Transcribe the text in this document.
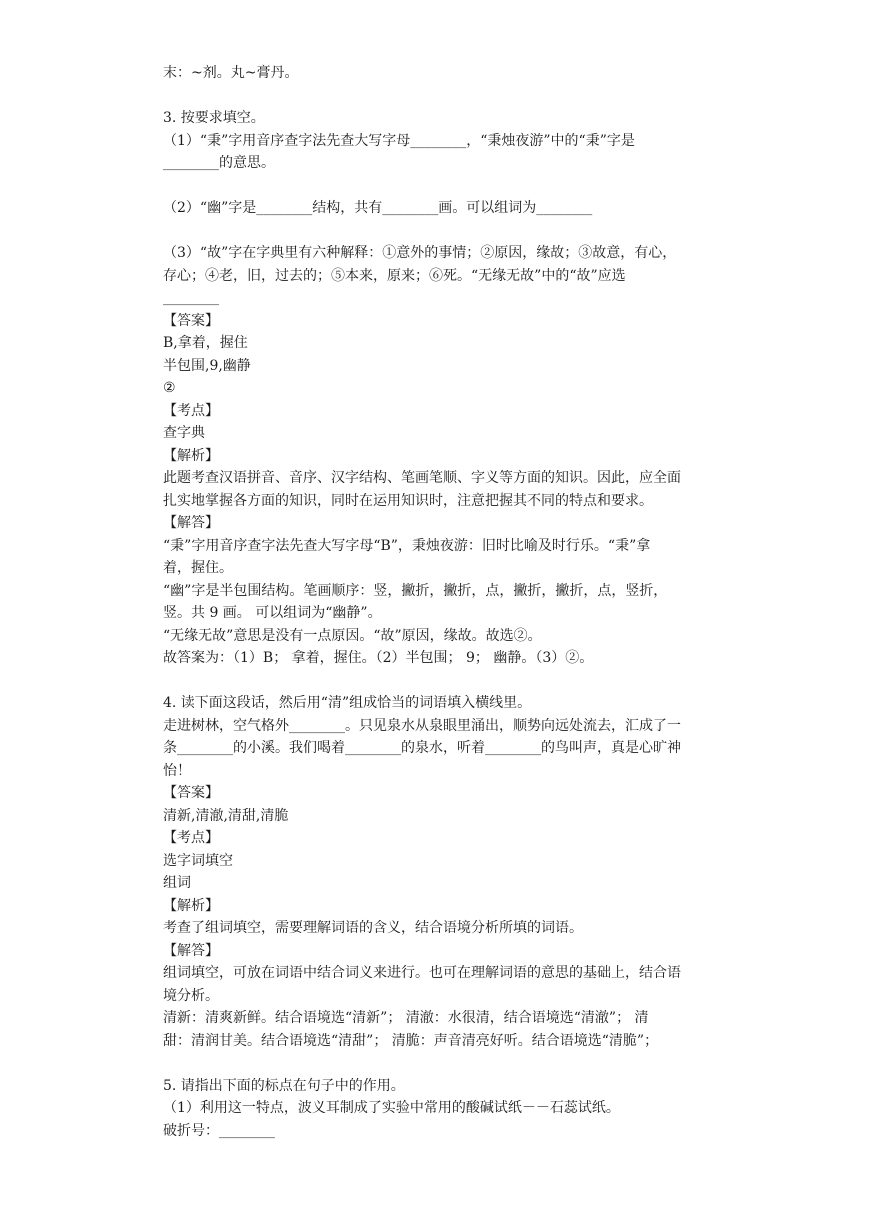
末：~剂。丸~膏丹。
3. 按要求填空。
（1）“秉”字用音序查字法先查大写字母________，“秉烛夜游”中的“秉”字是
________的意思。
（2）“幽”字是________结构，共有________画。可以组词为________
（3）“故”字在字典里有六种解释：①意外的事情；②原因，缘故；③故意，有心，
存心；④老，旧，过去的；⑤本来，原来；⑥死。“无缘无故”中的“故”应选
________
【答案】
B,拿着，握住
半包围,9,幽静
②
【考点】
查字典
【解析】
此题考查汉语拼音、音序、汉字结构、笔画笔顺、字义等方面的知识。因此，应全面
扎实地掌握各方面的知识，同时在运用知识时，注意把握其不同的特点和要求。
【解答】
“秉”字用音序查字法先查大写字母“B”，秉烛夜游：旧时比喻及时行乐。“秉”拿
着，握住。
“幽”字是半包围结构。笔画顺序：竖，撇折，撇折，点，撇折，撇折，点，竖折，
竖。共 9 画。 可以组词为“幽静”。
“无缘无故”意思是没有一点原因。“故”原因，缘故。故选②。
故答案为：（1）B； 拿着，握住。（2）半包围； 9； 幽静。（3）②。
4. 读下面这段话，然后用“清”组成恰当的词语填入横线里。
走进树林，空气格外________。只见泉水从泉眼里涌出，顺势向远处流去，汇成了一
条________的小溪。我们喝着________的泉水，听着________的鸟叫声，真是心旷神
怡！
【答案】
清新,清澈,清甜,清脆
【考点】
选字词填空
组词
【解析】
考查了组词填空，需要理解词语的含义，结合语境分析所填的词语。
【解答】
组词填空，可放在词语中结合词义来进行。也可在理解词语的意思的基础上，结合语
境分析。
清新：清爽新鲜。结合语境选“清新”； 清澈：水很清，结合语境选“清澈”； 清
甜：清润甘美。结合语境选“清甜”； 清脆：声音清亮好听。结合语境选“清脆”；
5. 请指出下面的标点在句子中的作用。
（1）利用这一特点，波义耳制成了实验中常用的酸碱试纸－－石蕊试纸。
破折号：________
